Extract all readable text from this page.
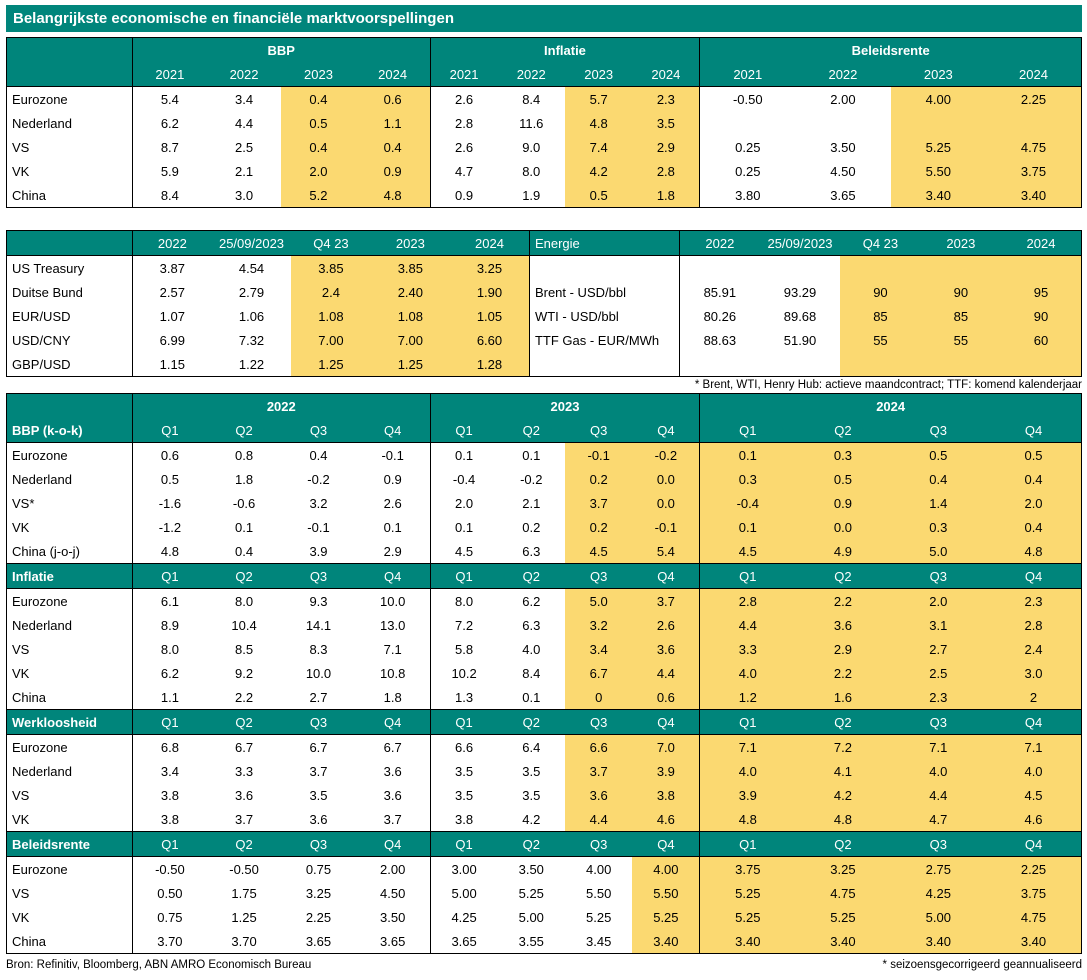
Belangrijkste economische en financiële marktvoorspellingen
	BBP				Inflatie				Beleidsrente			
	2021	2022	2023	2024	2021	2022	2023	2024	2021	2022	2023	2024
Eurozone	5.4	3.4	0.4	0.6	2.6	8.4	5.7	2.3	-0.50	2.00	4.00	2.25
Nederland	6.2	4.4	0.5	1.1	2.8	11.6	4.8	3.5				
VS	8.7	2.5	0.4	0.4	2.6	9.0	7.4	2.9	0.25	3.50	5.25	4.75
VK	5.9	2.1	2.0	0.9	4.7	8.0	4.2	2.8	0.25	4.50	5.50	3.75
China	8.4	3.0	5.2	4.8	0.9	1.9	0.5	1.8	3.80	3.65	3.40	3.40
	2022	25/09/2023	Q4 23	2023	2024	Energie	2022	25/09/2023	Q4 23	2023	2024
US Treasury	3.87	4.54	3.85	3.85	3.25						
Duitse Bund	2.57	2.79	2.4	2.40	1.90	Brent - USD/bbl	85.91	93.29	90	90	95
EUR/USD	1.07	1.06	1.08	1.08	1.05	WTI - USD/bbl	80.26	89.68	85	85	90
USD/CNY	6.99	7.32	7.00	7.00	6.60	TTF Gas - EUR/MWh	88.63	51.90	55	55	60
GBP/USD	1.15	1.22	1.25	1.25	1.28						
* Brent, WTI, Henry Hub: actieve maandcontract; TTF: komend kalenderjaar
	2022				2023				2024			
BBP (k-o-k)	Q1	Q2	Q3	Q4	Q1	Q2	Q3	Q4	Q1	Q2	Q3	Q4
Eurozone	0.6	0.8	0.4	-0.1	0.1	0.1	-0.1	-0.2	0.1	0.3	0.5	0.5
Nederland	0.5	1.8	-0.2	0.9	-0.4	-0.2	0.2	0.0	0.3	0.5	0.4	0.4
VS*	-1.6	-0.6	3.2	2.6	2.0	2.1	3.7	0.0	-0.4	0.9	1.4	2.0
VK	-1.2	0.1	-0.1	0.1	0.1	0.2	0.2	-0.1	0.1	0.0	0.3	0.4
China (j-o-j)	4.8	0.4	3.9	2.9	4.5	6.3	4.5	5.4	4.5	4.9	5.0	4.8
Inflatie	Q1	Q2	Q3	Q4	Q1	Q2	Q3	Q4	Q1	Q2	Q3	Q4
Eurozone	6.1	8.0	9.3	10.0	8.0	6.2	5.0	3.7	2.8	2.2	2.0	2.3
Nederland	8.9	10.4	14.1	13.0	7.2	6.3	3.2	2.6	4.4	3.6	3.1	2.8
VS	8.0	8.5	8.3	7.1	5.8	4.0	3.4	3.6	3.3	2.9	2.7	2.4
VK	6.2	9.2	10.0	10.8	10.2	8.4	6.7	4.4	4.0	2.2	2.5	3.0
China	1.1	2.2	2.7	1.8	1.3	0.1	0	0.6	1.2	1.6	2.3	2
Werkloosheid	Q1	Q2	Q3	Q4	Q1	Q2	Q3	Q4	Q1	Q2	Q3	Q4
Eurozone	6.8	6.7	6.7	6.7	6.6	6.4	6.6	7.0	7.1	7.2	7.1	7.1
Nederland	3.4	3.3	3.7	3.6	3.5	3.5	3.7	3.9	4.0	4.1	4.0	4.0
VS	3.8	3.6	3.5	3.6	3.5	3.5	3.6	3.8	3.9	4.2	4.4	4.5
VK	3.8	3.7	3.6	3.7	3.8	4.2	4.4	4.6	4.8	4.8	4.7	4.6
Beleidsrente	Q1	Q2	Q3	Q4	Q1	Q2	Q3	Q4	Q1	Q2	Q3	Q4
Eurozone	-0.50	-0.50	0.75	2.00	3.00	3.50	4.00	4.00	3.75	3.25	2.75	2.25
VS	0.50	1.75	3.25	4.50	5.00	5.25	5.50	5.50	5.25	4.75	4.25	3.75
VK	0.75	1.25	2.25	3.50	4.25	5.00	5.25	5.25	5.25	5.25	5.00	4.75
China	3.70	3.70	3.65	3.65	3.65	3.55	3.45	3.40	3.40	3.40	3.40	3.40
Bron: Refinitiv, Bloomberg, ABN AMRO Economisch Bureau	* seizoensgecorrigeerd geannualiseerd
